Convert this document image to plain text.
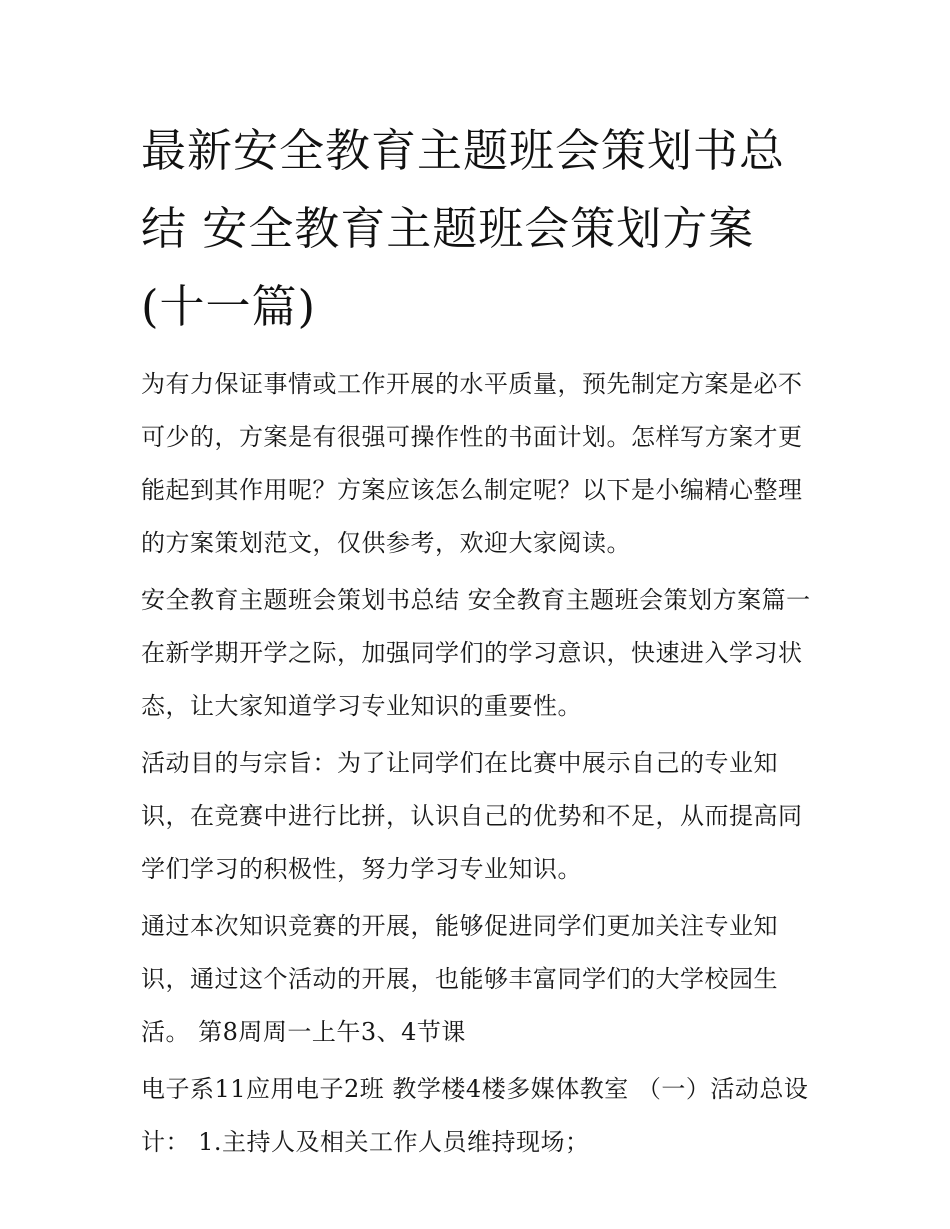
最新安全教育主题班会策划书总结 安全教育主题班会策划方案(十一篇)

为有力保证事情或工作开展的水平质量，预先制定方案是必不可少的，方案是有很强可操作性的书面计划。怎样写方案才更能起到其作用呢？方案应该怎么制定呢？以下是小编精心整理的方案策划范文，仅供参考，欢迎大家阅读。

安全教育主题班会策划书总结 安全教育主题班会策划方案篇一 在新学期开学之际，加强同学们的学习意识，快速进入学习状态，让大家知道学习专业知识的重要性。

活动目的与宗旨：为了让同学们在比赛中展示自己的专业知识，在竞赛中进行比拼，认识自己的优势和不足，从而提高同学们学习的积极性，努力学习专业知识。

通过本次知识竞赛的开展，能够促进同学们更加关注专业知识，通过这个活动的开展，也能够丰富同学们的大学校园生活。 第8周周一上午3、4节课

电子系11应用电子2班 教学楼4楼多媒体教室 （一）活动总设计： 1.主持人及相关工作人员维持现场；
